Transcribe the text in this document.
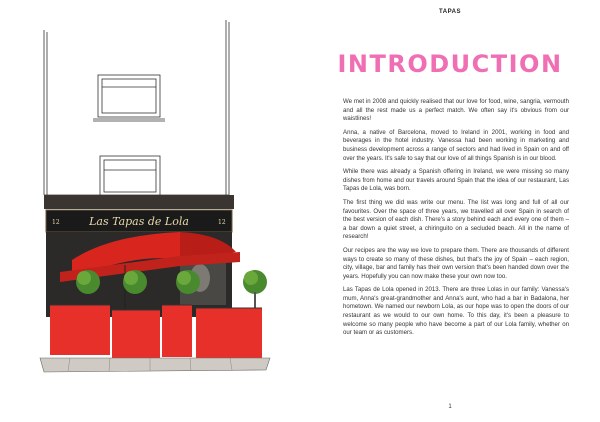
12	Las Tapas de Lola	12
TAPAS
INTRODUCTION

We met in 2008 and quickly realised that our love for food, wine, sangria, vermouth and all the rest made us a perfect match. We often say it's obvious from our waistlines!

Anna, a native of Barcelona, moved to Ireland in 2001, working in food and beverages in the hotel industry. Vanessa had been working in marketing and business development across a range of sectors and had lived in Spain on and off over the years. It's safe to say that our love of all things Spanish is in our blood.

While there was already a Spanish offering in Ireland, we were missing so many dishes from home and our travels around Spain that the idea of our restaurant, Las Tapas de Lola, was born.

The first thing we did was write our menu. The list was long and full of all our favourites. Over the space of three years, we travelled all over Spain in search of the best version of each dish. There's a story behind each and every one of them – a bar down a quiet street, a chiringuito on a secluded beach. All in the name of research!

Our recipes are the way we love to prepare them. There are thousands of different ways to create so many of these dishes, but that's the joy of Spain – each region, city, village, bar and family has their own version that's been handed down over the years. Hopefully you can now make these your own now too.

Las Tapas de Lola opened in 2013. There are three Lolas in our family: Vanessa's mum, Anna's great-grandmother and Anna's aunt, who had a bar in Badalona, her hometown. We named our newborn Lola, as our hope was to open the doors of our restaurant as we would to our own home. To this day, it's been a pleasure to welcome so many people who have become a part of our Lola family, whether on our team or as customers.

1
